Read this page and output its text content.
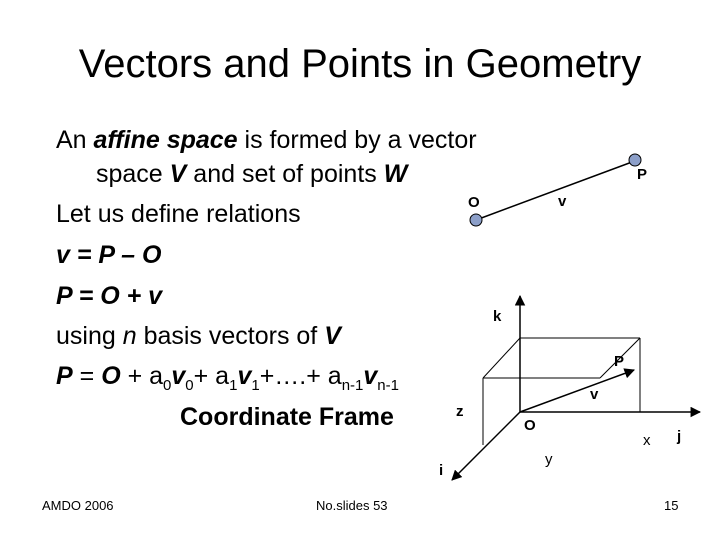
Vectors and Points in Geometry
An affine space is formed by a vector
space V and set of points W
Let us define relations
v = P – O
P = O + v
using n basis vectors of V
$P = O + a_0v_0+$ $a_1v_1+\dots.+ a_{n-1}v_{n-1}$
Coordinate Frame
O	v
P
k
P
v
z
O
x j
i
y
AMDO 2006	No.slides 53	15
